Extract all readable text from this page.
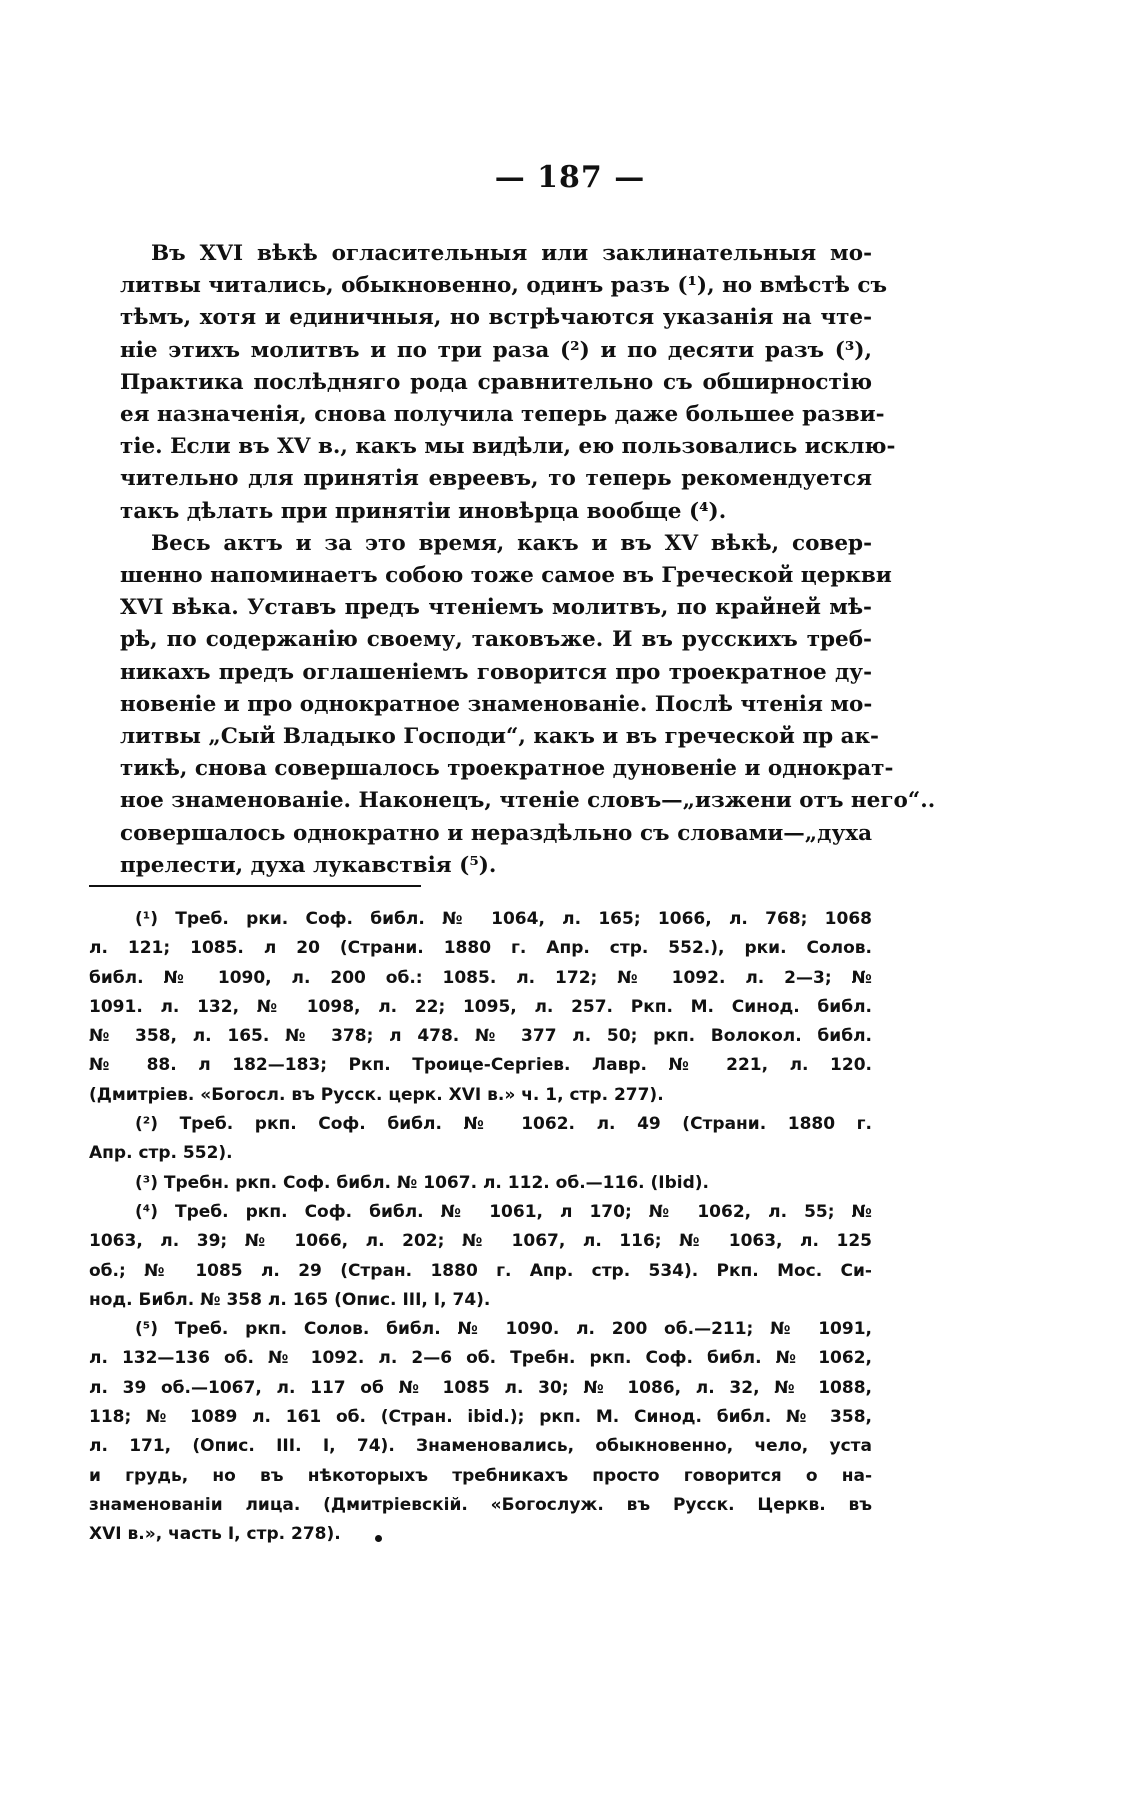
— 187 —
Въ XVI вѣкѣ огласительныя или заклинательныя мо-
литвы читались, обыкновенно, одинъ разъ (¹), но вмѣстѣ съ
тѣмъ, хотя и единичныя, но встрѣчаются указанія на чте-
ніе этихъ молитвъ и по три раза (²) и по десяти разъ (³),
Практика послѣдняго рода сравнительно съ обширностію
ея назначенія, снова получила теперь даже большее разви-
тіе. Если въ XV в., какъ мы видѣли, ею пользовались исклю-
чительно для принятія евреевъ, то теперь рекомендуется
такъ дѣлать при принятіи иновѣрца вообще (⁴).
Весь актъ и за это время, какъ и въ XV вѣкѣ, совер-
шенно напоминаетъ собою тоже самое въ Греческой церкви
XVI вѣка. Уставъ предъ чтеніемъ молитвъ, по крайней мѣ-
рѣ, по содержанію своему, таковъже. И въ русскихъ треб-
никахъ предъ оглашеніемъ говорится про троекратное ду-
новеніе и про однократное знаменованіе. Послѣ чтенія мо-
литвы „Сый Владыко Господи“, какъ и въ греческой пр ак-
тикѣ, снова совершалось троекратное дуновеніе и однократ-
ное знаменованіе. Наконецъ, чтеніе словъ—„изжени отъ него“..
совершалось однократно и нераздѣльно съ словами—„духа
прелести, духа лукавствія (⁵).
(¹) Треб. рки. Соф. библ. № 1064, л. 165; 1066, л. 768; 1068
л. 121; 1085. л 20 (Страни. 1880 г. Апр. стр. 552.), рки. Солов.
библ. № 1090, л. 200 об.: 1085. л. 172; № 1092. л. 2—3; №
1091. л. 132, № 1098, л. 22; 1095, л. 257. Ркп. М. Синод. библ.
№ 358, л. 165. № 378; л 478. № 377 л. 50; ркп. Волокол. библ.
№ 88. л 182—183; Ркп. Троице-Сергіев. Лавр. № 221, л. 120.
(Дмитріев. «Богосл. въ Русск. церк. XVI в.» ч. 1, стр. 277).
(²) Треб. ркп. Соф. библ. № 1062. л. 49 (Страни. 1880 г.
Апр. стр. 552).
(³) Требн. ркп. Соф. библ. № 1067. л. 112. об.—116. (Ibid).
(⁴) Треб. ркп. Соф. библ. № 1061, л 170; № 1062, л. 55; №
1063, л. 39; № 1066, л. 202; № 1067, л. 116; № 1063, л. 125
об.; № 1085 л. 29 (Стран. 1880 г. Апр. стр. 534). Ркп. Мос. Си-
нод. Библ. № 358 л. 165 (Опис. III, I, 74).
(⁵) Треб. ркп. Солов. библ. № 1090. л. 200 об.—211; № 1091,
л. 132—136 об. № 1092. л. 2—6 об. Требн. ркп. Соф. библ. № 1062,
л. 39 об.—1067, л. 117 об № 1085 л. 30; № 1086, л. 32, № 1088,
118; № 1089 л. 161 об. (Стран. ibid.); ркп. М. Синод. библ. № 358,
л. 171, (Опис. III. I, 74). Знаменовались, обыкновенно, чело, уста
и грудь, но въ нѣкоторыхъ требникахъ просто говорится о на-
знаменованіи лица. (Дмитріевскій. «Богослуж. въ Русск. Церкв. въ
XVI в.», часть I, стр. 278).
